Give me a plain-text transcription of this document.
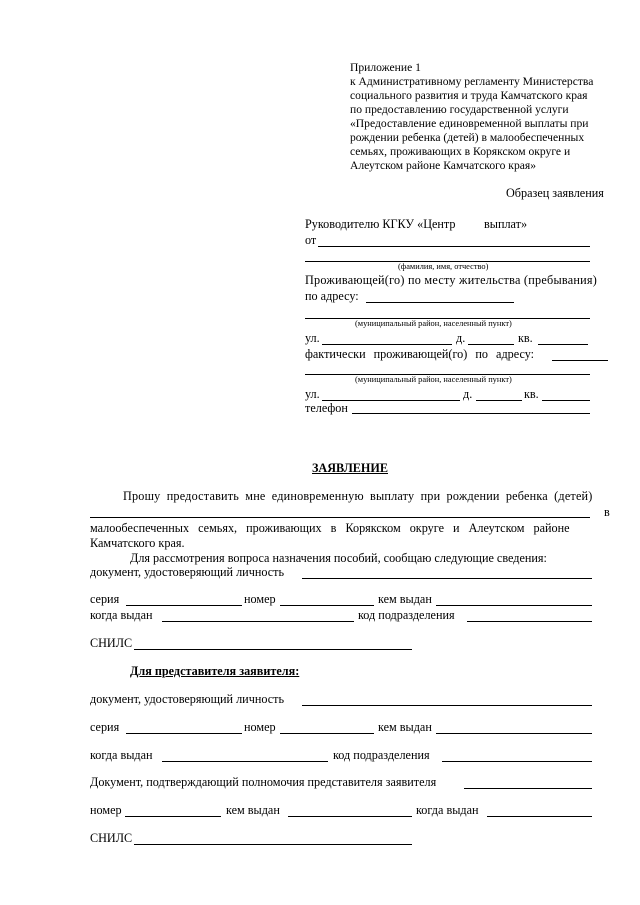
Приложение 1
к Административному регламенту Министерства
социального развития и труда Камчатского края
по предоставлению государственной услуги
«Предоставление единовременной выплаты при
рождении ребенка (детей) в малообеспеченных
семьях, проживающих в Корякском округе и
Алеутском районе Камчатского края»
Образец заявления
Руководителю КГКУ «Центр выплат»
от
(фамилия, имя, отчество)
Проживающей(го) по месту жительства (пребывания)
по адресу:
(муниципальный район, населенный пункт)
ул.	д.	кв.
фактически проживающей(го) по адресу:
(муниципальный район, населенный пункт)
ул.	д.	кв.
телефон
ЗАЯВЛЕНИЕ
Прошу предоставить мне единовременную выплату при рождении ребенка (детей)
в
малообеспеченных семьях, проживающих в Корякском округе и Алеутском районе
Камчатского края.
Для рассмотрения вопроса назначения пособий, сообщаю следующие сведения:
документ, удостоверяющий личность
серия	номер	кем выдан
когда выдан	код подразделения
СНИЛС
Для представителя заявителя:
документ, удостоверяющий личность
серия	номер	кем выдан
когда выдан	код подразделения
Документ, подтверждающий полномочия представителя заявителя
номер	кем выдан	когда выдан
СНИЛС
